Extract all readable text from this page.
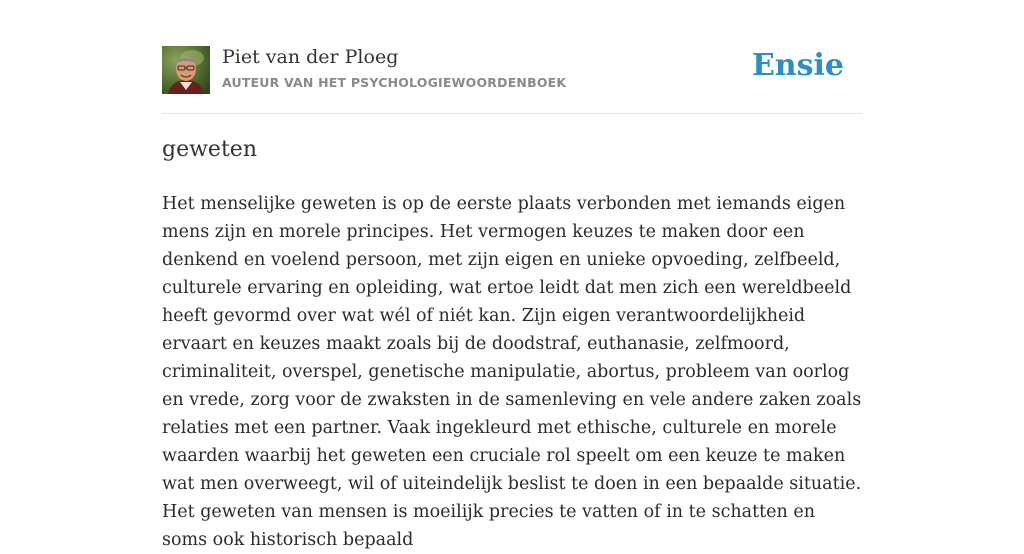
Piet van der Ploeg
AUTEUR VAN HET PSYCHOLOGIEWOORDENBOEK	Ensie
geweten

Het menselijke geweten is op de eerste plaats verbonden met iemands eigen mens zijn en morele principes. Het vermogen keuzes te maken door een denkend en voelend persoon, met zijn eigen en unieke opvoeding, zelfbeeld, culturele ervaring en opleiding, wat ertoe leidt dat men zich een wereldbeeld heeft gevormd over wat wél of niét kan. Zijn eigen verantwoordelijkheid ervaart en keuzes maakt zoals bij de doodstraf, euthanasie, zelfmoord, criminaliteit, overspel, genetische manipulatie, abortus, probleem van oorlog en vrede, zorg voor de zwaksten in de samenleving en vele andere zaken zoals relaties met een partner. Vaak ingekleurd met ethische, culturele en morele waarden waarbij het geweten een cruciale rol speelt om een keuze te maken wat men overweegt, wil of uiteindelijk beslist te doen in een bepaalde situatie. Het geweten van mensen is moeilijk precies te vatten of in te schatten en soms ook historisch bepaald
